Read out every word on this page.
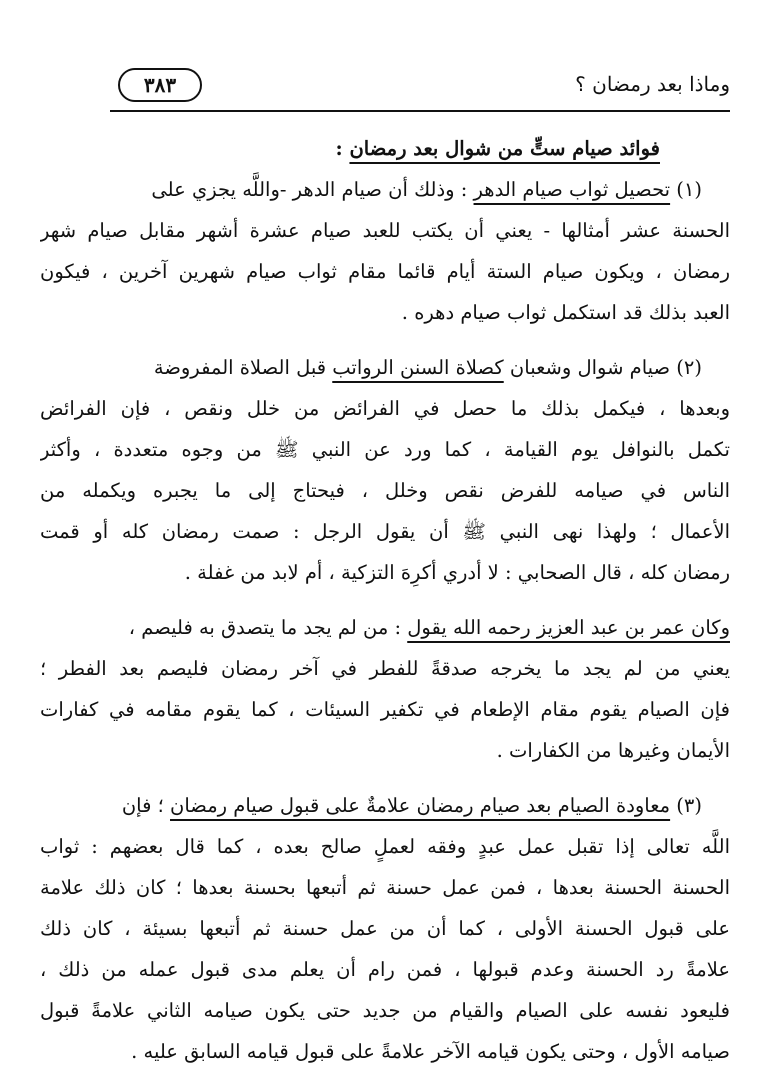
وماذا بعد رمضان ؟
٣٨٣
فوائد صيام ستٍّ من شوال بعد رمضان :
(١) تحصيل ثواب صيام الدهر : وذلك أن صيام الدهر -واللَّه يجزي على
الحسنة عشر أمثالها - يعني أن يكتب للعبد صيام عشرة أشهر مقابل صيام شهر
رمضان ، ويكون صيام الستة أيام قائما مقام ثواب صيام شهرين آخرين ، فيكون
العبد بذلك قد استكمل ثواب صيام دهره .
(٢) صيام شوال وشعبان كصلاة السنن الرواتب قبل الصلاة المفروضة
وبعدها ، فيكمل بذلك ما حصل في الفرائض من خلل ونقص ، فإن الفرائض
تكمل بالنوافل يوم القيامة ، كما ورد عن النبي ﷺ من وجوه متعددة ، وأكثر
الناس في صيامه للفرض نقص وخلل ، فيحتاج إلى ما يجبره ويكمله من
الأعمال ؛ ولهذا نهى النبي ﷺ أن يقول الرجل : صمت رمضان كله أو قمت
رمضان كله ، قال الصحابي : لا أدري أكرِهَ التزكية ، أم لابد من غفلة .
وكان عمر بن عبد العزيز رحمه الله يقول : من لم يجد ما يتصدق به فليصم ،
يعني من لم يجد ما يخرجه صدقةً للفطر في آخر رمضان فليصم بعد الفطر ؛
فإن الصيام يقوم مقام الإطعام في تكفير السيئات ، كما يقوم مقامه في كفارات
الأيمان وغيرها من الكفارات .
(٣) معاودة الصيام بعد صيام رمضان علامةٌ على قبول صيام رمضان ؛ فإن
اللَّه تعالى إذا تقبل عمل عبدٍ وفقه لعملٍ صالح بعده ، كما قال بعضهم : ثواب
الحسنة الحسنة بعدها ، فمن عمل حسنة ثم أتبعها بحسنة بعدها ؛ كان ذلك علامة
على قبول الحسنة الأولى ، كما أن من عمل حسنة ثم أتبعها بسيئة ، كان ذلك
علامةً رد الحسنة وعدم قبولها ، فمن رام أن يعلم مدى قبول عمله من ذلك ،
فليعود نفسه على الصيام والقيام من جديد حتى يكون صيامه الثاني علامةً قبول
صيامه الأول ، وحتى يكون قيامه الآخر علامةً على قبول قيامه السابق عليه .
